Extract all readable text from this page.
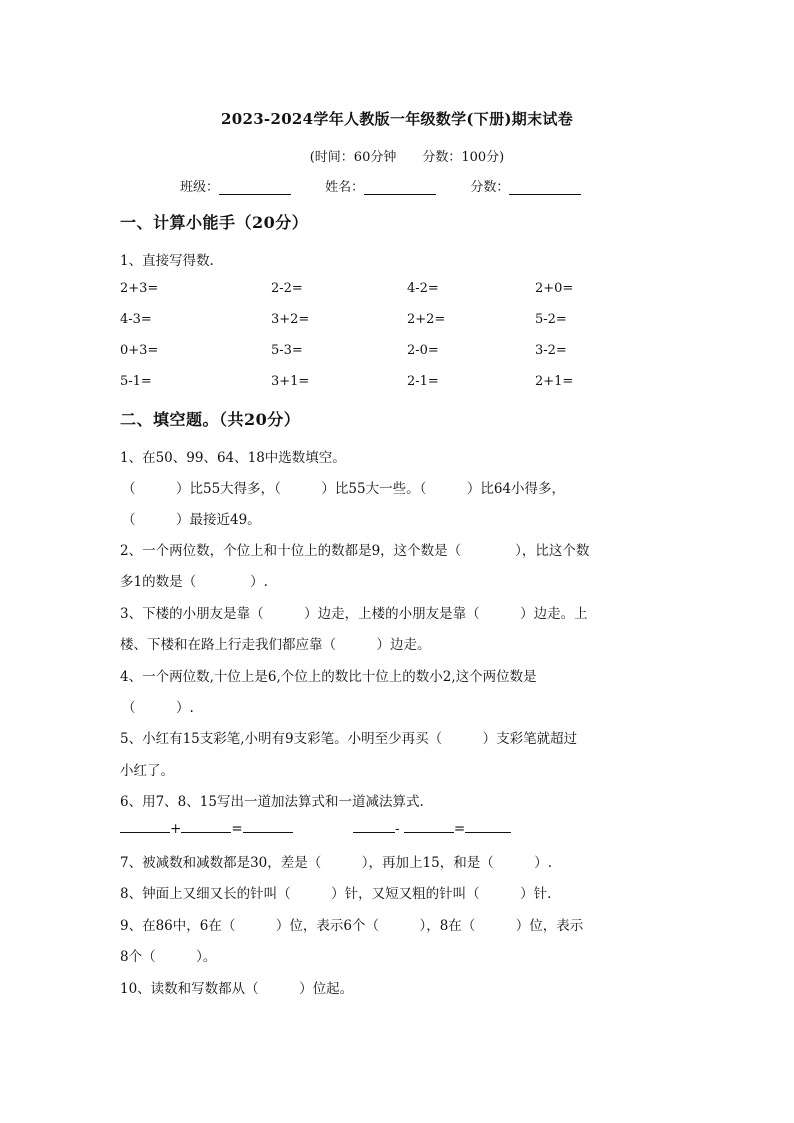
2023-2024学年人教版一年级数学(下册)期末试卷
(时间：60分钟 分数：100分)
班级：	姓名：	分数：
一、计算小能手（20分）
1、直接写得数.
2+3=	2-2=	4-2=	2+0=
4-3=	3+2=	2+2=	5-2=
0+3=	5-3=	2-0=	3-2=
5-1=	3+1=	2-1=	2+1=
二、填空题。（共20分）
1、在50、99、64、18中选数填空。
（　　　）比55大得多，（　　　）比55大一些。（　　　）比64小得多，
（　　　）最接近49。
2、一个两位数，个位上和十位上的数都是9，这个数是（　　　　），比这个数
多1的数是（　　　　）.
3、下楼的小朋友是靠（　　　）边走，上楼的小朋友是靠（　　　）边走。上
楼、下楼和在路上行走我们都应靠（　　　）边走。
4、一个两位数,十位上是6,个位上的数比十位上的数小2,这个两位数是
（　　　）.
5、小红有15支彩笔,小明有9支彩笔。小明至少再买（　　　）支彩笔就超过
小红了。
6、用7、8、15写出一道加法算式和一道减法算式.
+	=	-	=
7、被减数和减数都是30，差是（　　　），再加上15，和是（　　　）.
8、钟面上又细又长的针叫（　　　）针，又短又粗的针叫（　　　）针.
9、在86中，6在（　　　）位，表示6个（　　　），8在（　　　）位，表示
8个（　　　）。
10、读数和写数都从（　　　）位起。
